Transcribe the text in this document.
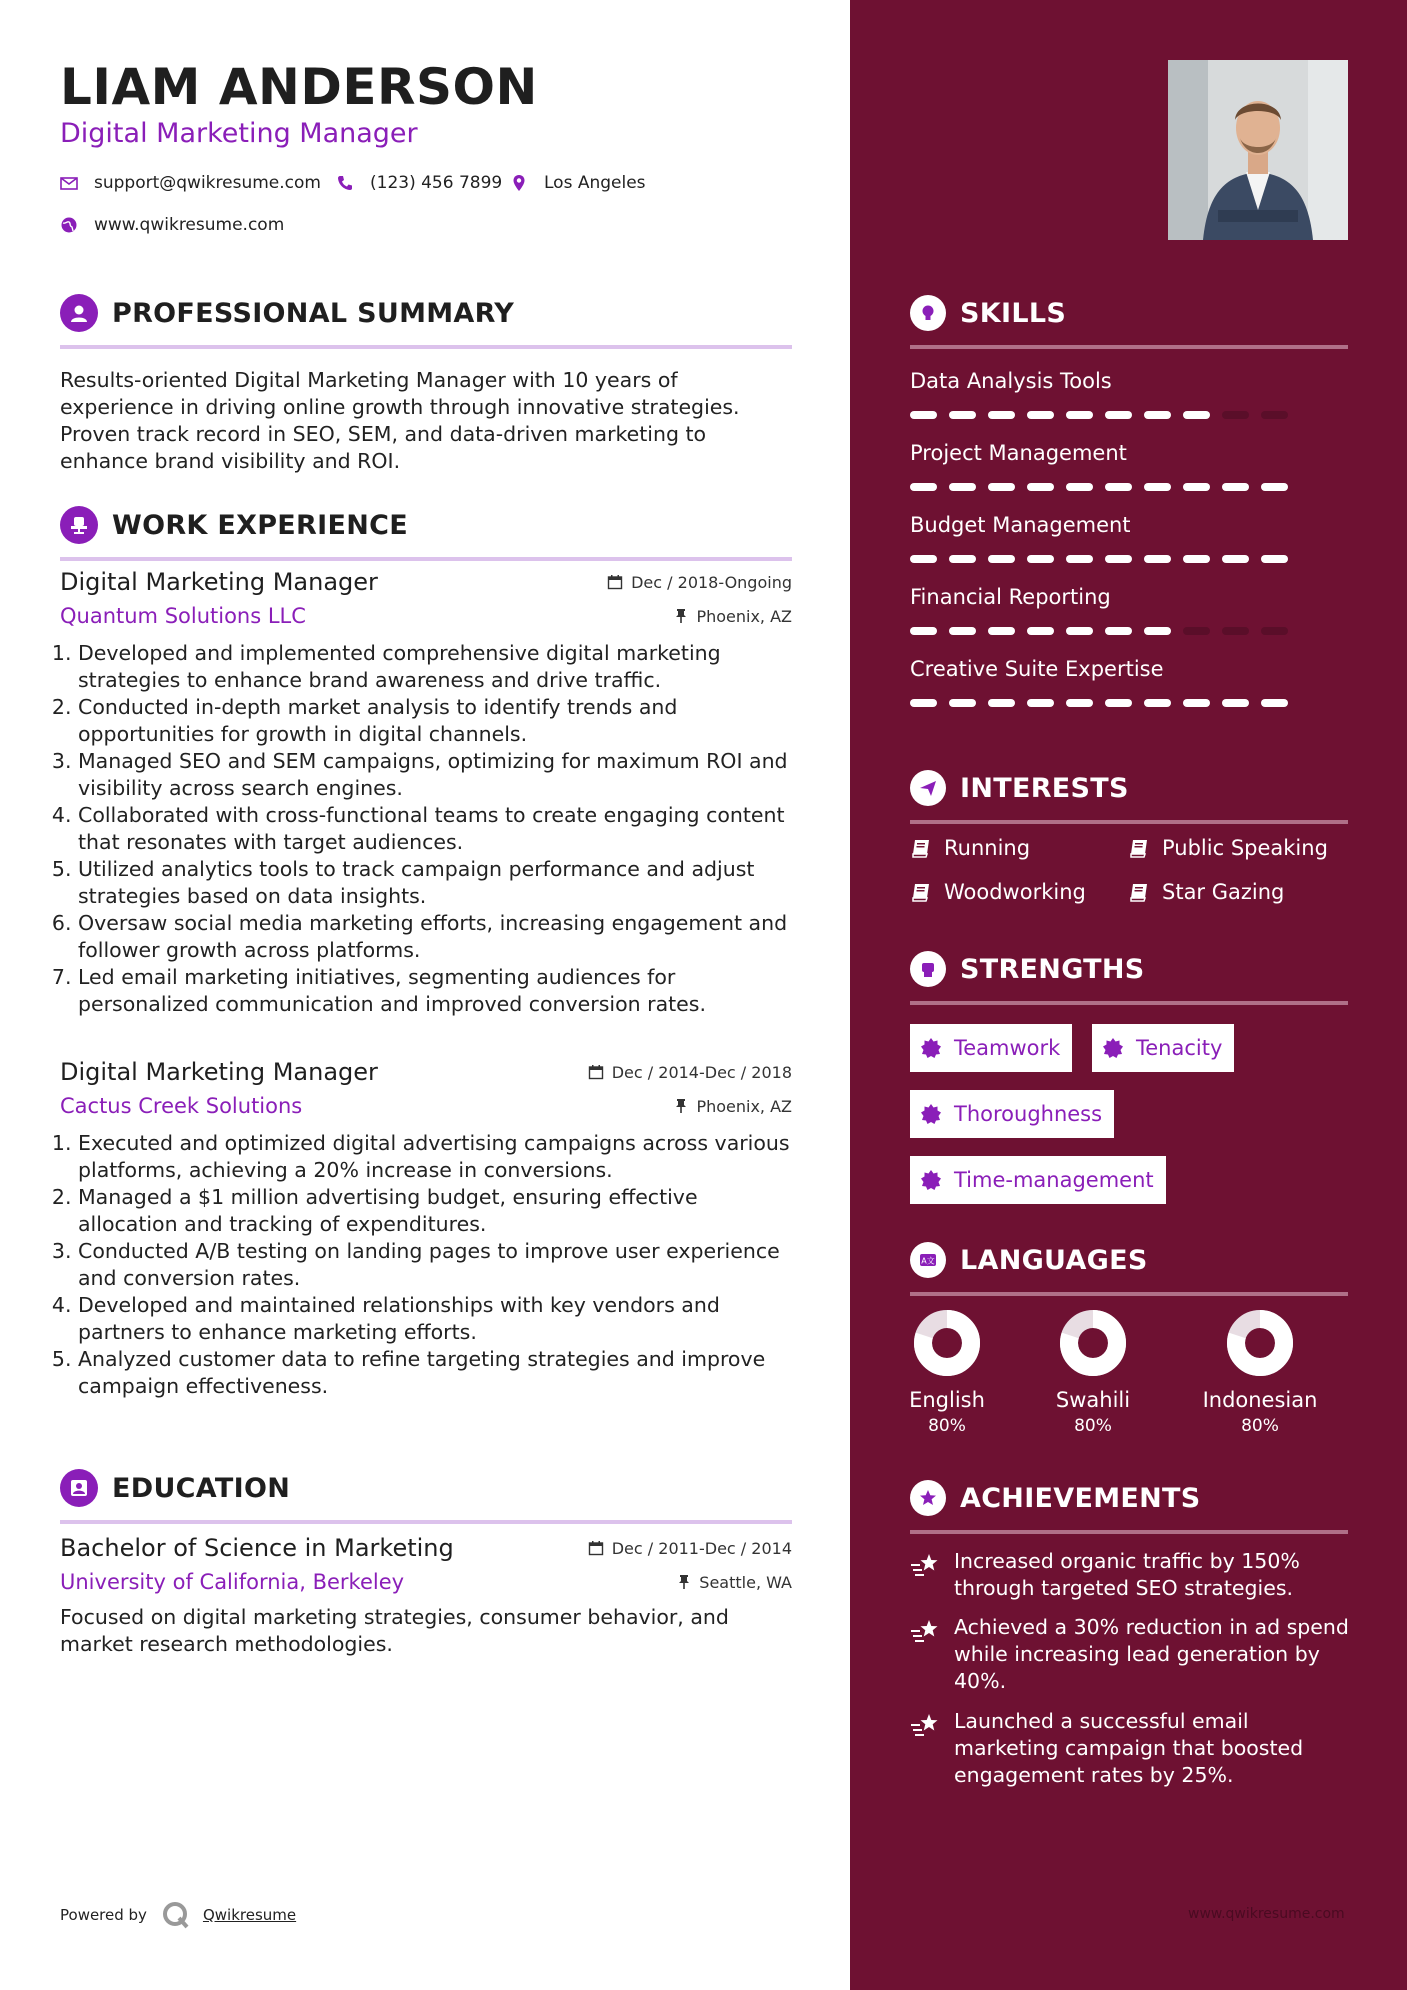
LIAM ANDERSON
Digital Marketing Manager
support@qwikresume.com	(123) 456 7899 Los Angeles
www.qwikresume.com
PROFESSIONAL SUMMARY

Results-oriented Digital Marketing Manager with 10 years of experience in driving online growth through innovative strategies. Proven track record in SEO, SEM, and data-driven marketing to enhance brand visibility and ROI.

WORK EXPERIENCE
Digital Marketing Manager	Dec / 2018-Ongoing
Quantum Solutions LLC	Phoenix, AZ
1. Developed and implemented comprehensive digital marketing strategies to enhance brand awareness and drive traffic.
2. Conducted in-depth market analysis to identify trends and opportunities for growth in digital channels.
3. Managed SEO and SEM campaigns, optimizing for maximum ROI and visibility across search engines.
4. Collaborated with cross-functional teams to create engaging content that resonates with target audiences.
5. Utilized analytics tools to track campaign performance and adjust strategies based on data insights.
6. Oversaw social media marketing efforts, increasing engagement and follower growth across platforms.
7. Led email marketing initiatives, segmenting audiences for personalized communication and improved conversion rates.
Digital Marketing Manager	Dec / 2014-Dec / 2018
Cactus Creek Solutions	Phoenix, AZ
1. Executed and optimized digital advertising campaigns across various platforms, achieving a 20% increase in conversions.
2. Managed a $1 million advertising budget, ensuring effective allocation and tracking of expenditures.
3. Conducted A/B testing on landing pages to improve user experience and conversion rates.
4. Developed and maintained relationships with key vendors and partners to enhance marketing efforts.
5. Analyzed customer data to refine targeting strategies and improve campaign effectiveness.
EDUCATION
Bachelor of Science in Marketing	Dec / 2011-Dec / 2014
University of California, Berkeley	Seattle, WA

Focused on digital marketing strategies, consumer behavior, and market research methodologies.

Powered by	Qwikresume
SKILLS
Data Analysis Tools
Project Management
Budget Management
Financial Reporting
Creative Suite Expertise
INTERESTS
Running	Public Speaking
Woodworking	Star Gazing
STRENGTHS
Teamwork	Tenacity
Thoroughness
Time-management
A文 LANGUAGES
English
80%
Swahili
80%
Indonesian
80%
ACHIEVEMENTS
Increased organic traffic by 150% through targeted SEO strategies.
Achieved a 30% reduction in ad spend while increasing lead generation by 40%.
Launched a successful email marketing campaign that boosted engagement rates by 25%.
www.qwikresume.com
